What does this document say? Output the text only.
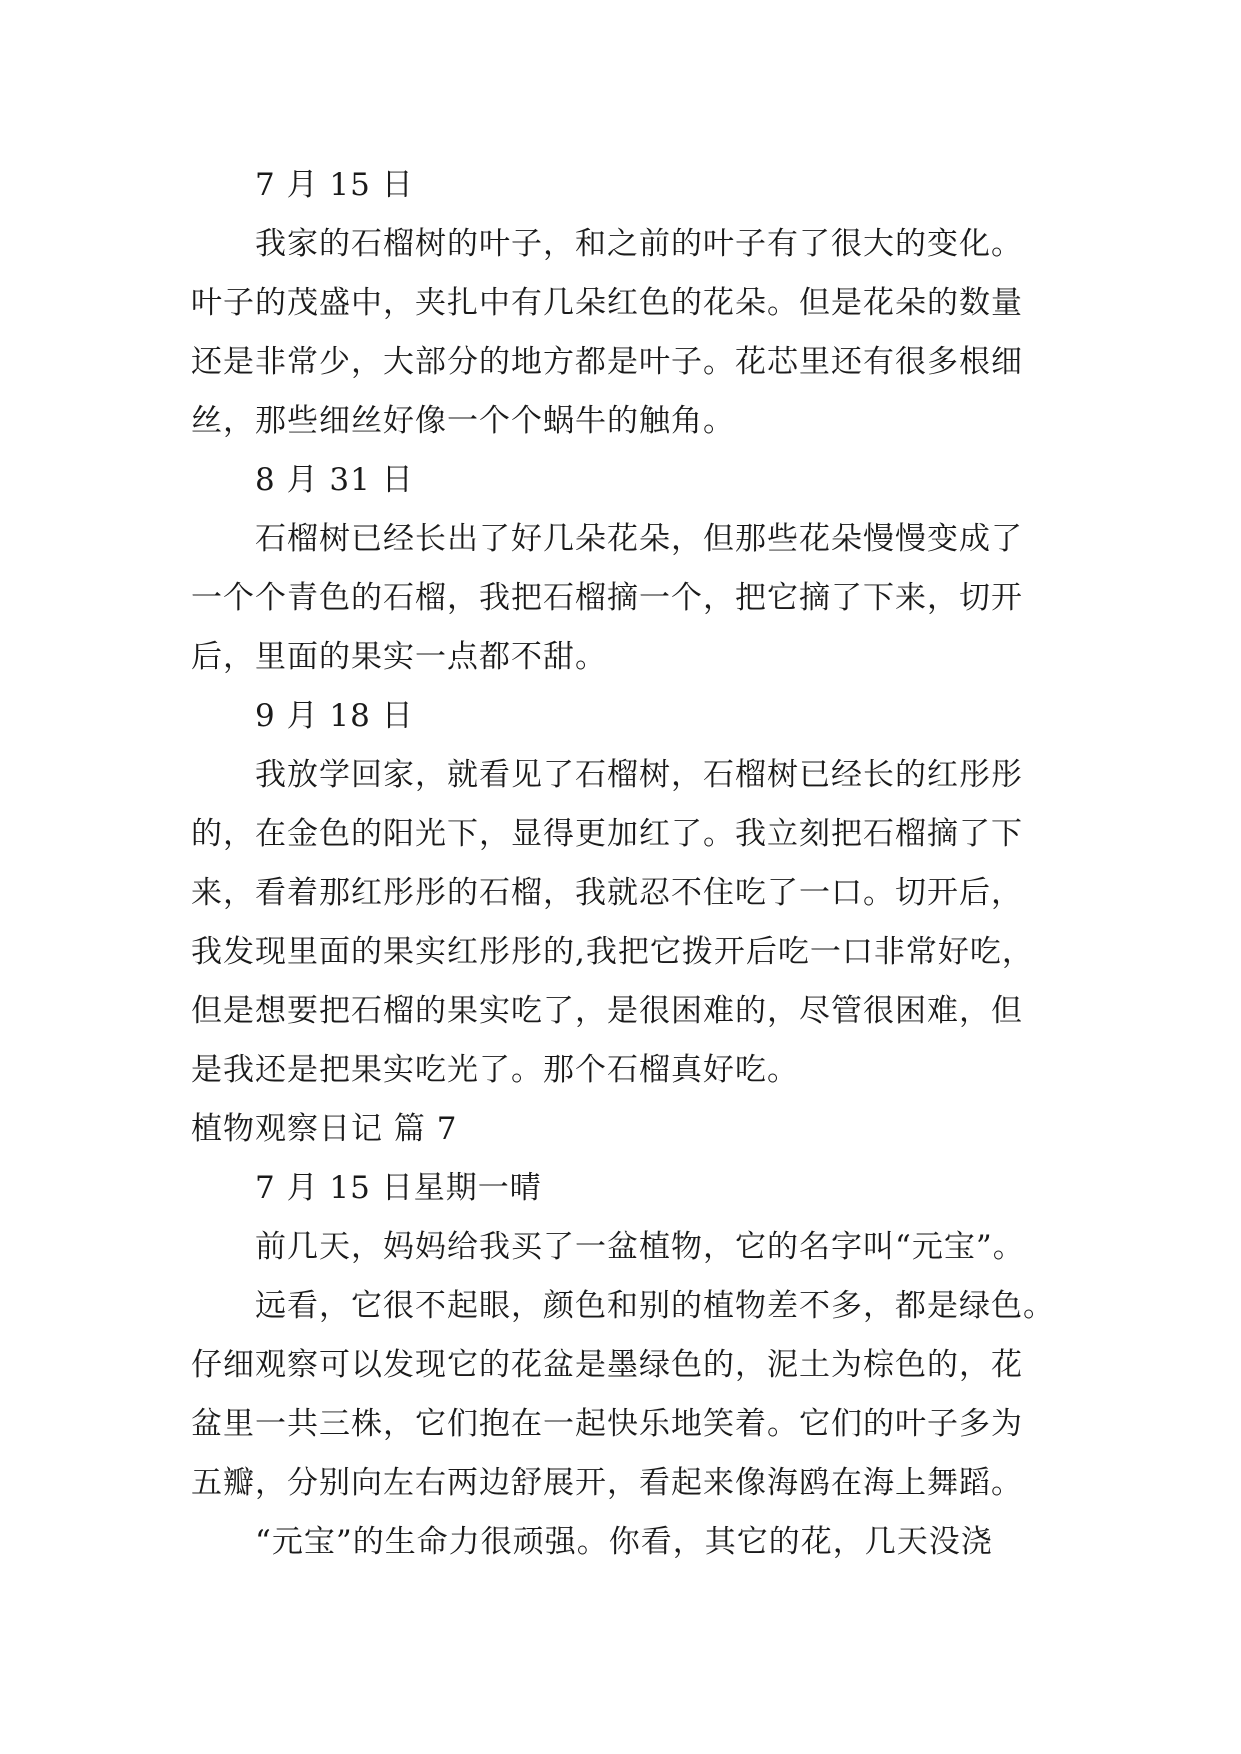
7 月 15 日
我家的石榴树的叶子，和之前的叶子有了很大的变化。
叶子的茂盛中，夹扎中有几朵红色的花朵。但是花朵的数量
还是非常少，大部分的地方都是叶子。花芯里还有很多根细
丝，那些细丝好像一个个蜗牛的触角。
8 月 31 日
石榴树已经长出了好几朵花朵，但那些花朵慢慢变成了
一个个青色的石榴，我把石榴摘一个，把它摘了下来，切开
后，里面的果实一点都不甜。
9 月 18 日
我放学回家，就看见了石榴树，石榴树已经长的红彤彤
的，在金色的阳光下，显得更加红了。我立刻把石榴摘了下
来，看着那红彤彤的石榴，我就忍不住吃了一口。切开后，
我发现里面的果实红彤彤的,我把它拨开后吃一口非常好吃，
但是想要把石榴的果实吃了，是很困难的，尽管很困难，但
是我还是把果实吃光了。那个石榴真好吃。
植物观察日记 篇 7
7 月 15 日星期一晴
前几天，妈妈给我买了一盆植物，它的名字叫“元宝”。
远看，它很不起眼，颜色和别的植物差不多，都是绿色。
仔细观察可以发现它的花盆是墨绿色的，泥土为棕色的，花
盆里一共三株，它们抱在一起快乐地笑着。它们的叶子多为
五瓣，分别向左右两边舒展开，看起来像海鸥在海上舞蹈。
“元宝”的生命力很顽强。你看，其它的花，几天没浇
